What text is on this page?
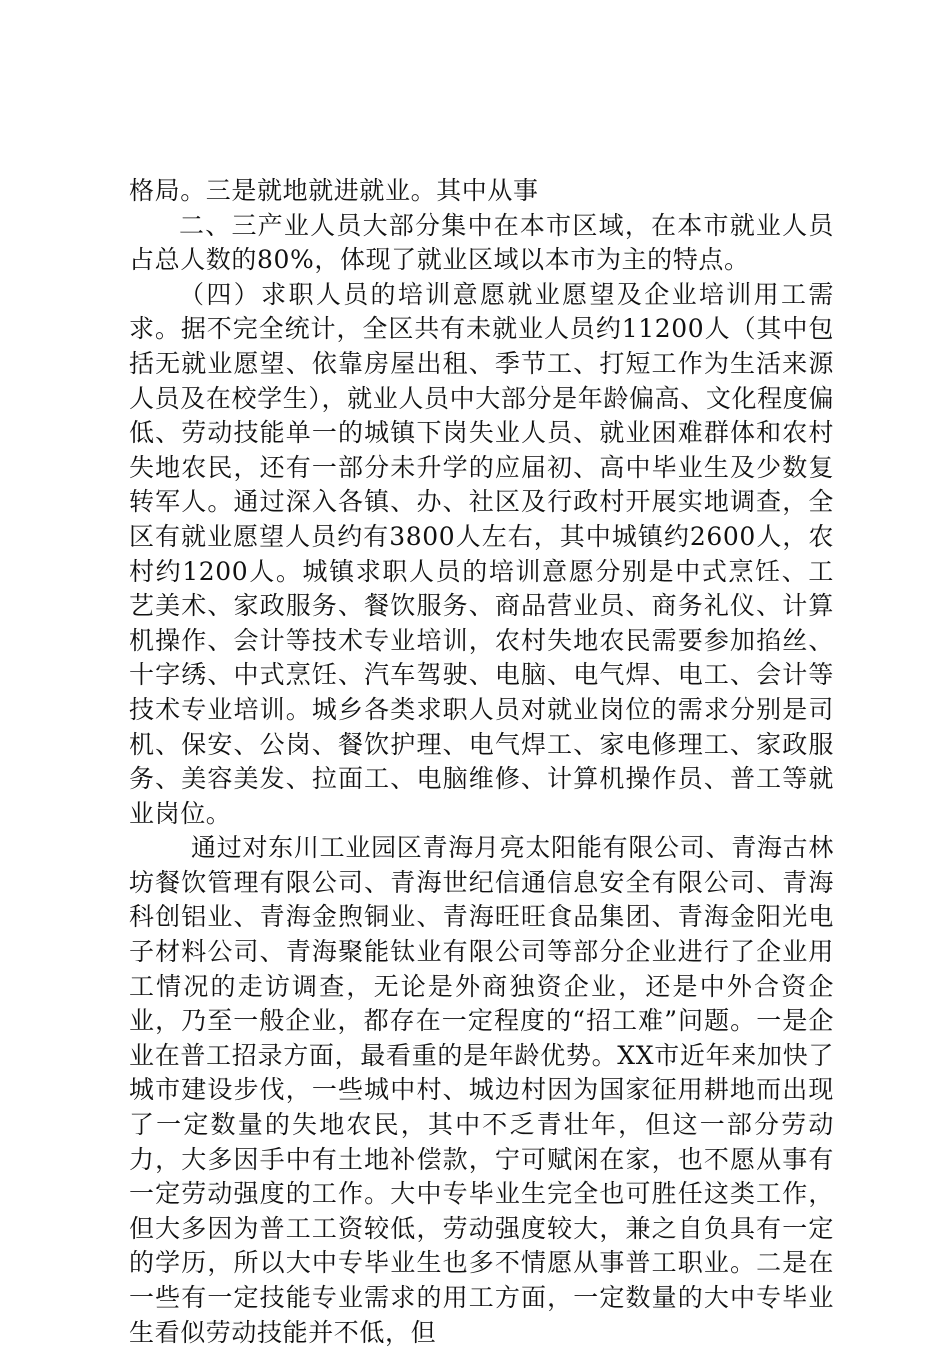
格局。三是就地就进就业。其中从事

二、三产业人员大部分集中在本市区域，在本市就业人员占总人数的80%，体现了就业区域以本市为主的特点。

（四）求职人员的培训意愿就业愿望及企业培训用工需求。据不完全统计，全区共有未就业人员约11200人（其中包括无就业愿望、依靠房屋出租、季节工、打短工作为生活来源人员及在校学生），就业人员中大部分是年龄偏高、文化程度偏低、劳动技能单一的城镇下岗失业人员、就业困难群体和农村失地农民，还有一部分未升学的应届初、高中毕业生及少数复转军人。通过深入各镇、办、社区及行政村开展实地调查，全区有就业愿望人员约有3800人左右，其中城镇约2600人，农村约1200人。城镇求职人员的培训意愿分别是中式烹饪、工艺美术、家政服务、餐饮服务、商品营业员、商务礼仪、计算机操作、会计等技术专业培训，农村失地农民需要参加掐丝、十字绣、中式烹饪、汽车驾驶、电脑、电气焊、电工、会计等技术专业培训。城乡各类求职人员对就业岗位的需求分别是司机、保安、公岗、餐饮护理、电气焊工、家电修理工、家政服务、美容美发、拉面工、电脑维修、计算机操作员、普工等就业岗位。

通过对东川工业园区青海月亮太阳能有限公司、青海古林坊餐饮管理有限公司、青海世纪信通信息安全有限公司、青海科创铝业、青海金煦铜业、青海旺旺食品集团、青海金阳光电子材料公司、青海聚能钛业有限公司等部分企业进行了企业用工情况的走访调查，无论是外商独资企业，还是中外合资企业，乃至一般企业，都存在一定程度的“招工难”问题。一是企业在普工招录方面，最看重的是年龄优势。XX市近年来加快了城市建设步伐，一些城中村、城边村因为国家征用耕地而出现了一定数量的失地农民，其中不乏青壮年，但这一部分劳动力，大多因手中有土地补偿款，宁可赋闲在家，也不愿从事有一定劳动强度的工作。大中专毕业生完全也可胜任这类工作，但大多因为普工工资较低，劳动强度较大，兼之自负具有一定的学历，所以大中专毕业生也多不情愿从事普工职业。二是在一些有一定技能专业需求的用工方面，一定数量的大中专毕业生看似劳动技能并不低，但
